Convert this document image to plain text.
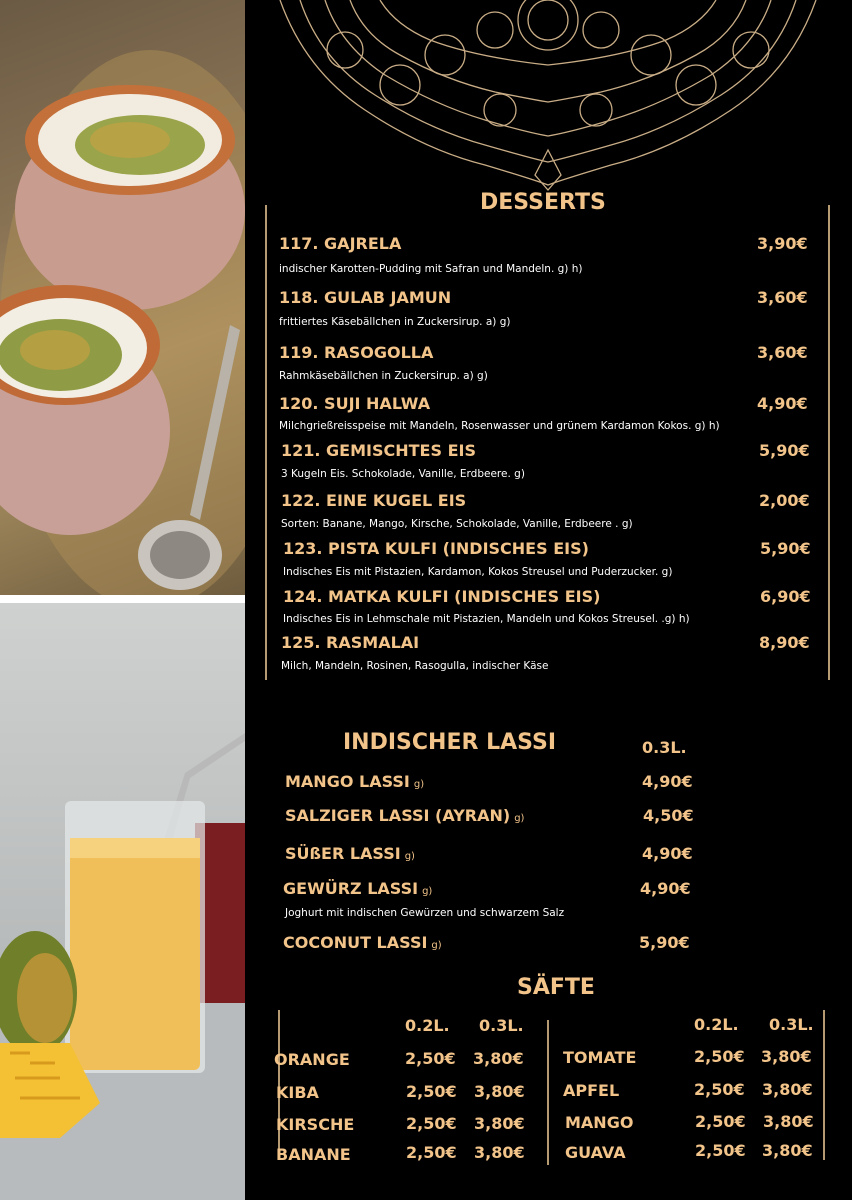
DESSERTS
117. GAJRELA	3,90€
indischer Karotten-Pudding mit Safran und Mandeln. g) h)
118. GULAB JAMUN	3,60€
frittiertes Käsebällchen in Zuckersirup. a) g)
119. RASOGOLLA	3,60€
Rahmkäsebällchen in Zuckersirup. a) g)
120. SUJI HALWA	4,90€
Milchgrießreisspeise mit Mandeln, Rosenwasser und grünem Kardamon Kokos. g) h)
121. GEMISCHTES EIS	5,90€
3 Kugeln Eis. Schokolade, Vanille, Erdbeere. g)
122. EINE KUGEL EIS	2,00€
Sorten: Banane, Mango, Kirsche, Schokolade, Vanille, Erdbeere . g)
123. PISTA KULFI (INDISCHES EIS)	5,90€
Indisches Eis mit Pistazien, Kardamon, Kokos Streusel und Puderzucker. g)
124. MATKA KULFI (INDISCHES EIS)	6,90€
Indisches Eis in Lehmschale mit Pistazien, Mandeln und Kokos Streusel. .g) h)
125. RASMALAI	8,90€
Milch, Mandeln, Rosinen, Rasogulla, indischer Käse
INDISCHER LASSI	0.3L.
MANGO LASSI g)	4,90€
SALZIGER LASSI (AYRAN) g)	4,50€
SÜßER LASSI g)	4,90€
GEWÜRZ LASSI g)	4,90€
Joghurt mit indischen Gewürzen und schwarzem Salz
COCONUT LASSI g)	5,90€
SÄFTE
0.2L. 0.3L.	0.2L. 0.3L.
ORANGE	2,50€ 3,80€
KIBA	2,50€ 3,80€
KIRSCHE	2,50€ 3,80€
BANANE	2,50€ 3,80€
TOMATE	2,50€ 3,80€
APFEL	2,50€ 3,80€
MANGO	2,50€ 3,80€
GUAVA	2,50€ 3,80€
